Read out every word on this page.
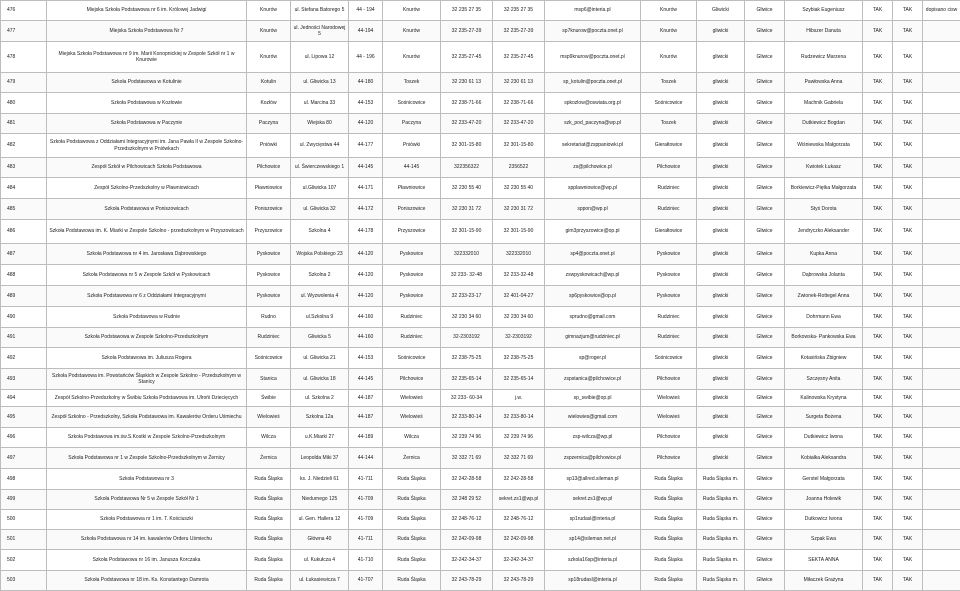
476	Miejska Szkoła Podstawowa nr 6 im. Królowej Jadwigi	Knurów	ul. Stefana Batorego 5	44 - 194	Knurów	32 235 27 35	32 235 27 35	msp6@interia.pl	Knurów	Gliwicki	Gliwice	Szybiak Eugeniusz	TAK	TAK	dopisano cisw
477	Miejska Szkoła Podstawowa Nr 7	Knurów	ul. Jedności Narodowej 5	44-194	Knurów	32 235-27-39	32 235-27-39	sp7knurow@poczta.onet.pl	Knurów	gliwicki	Gliwice	Hibszer Danuta	TAK	TAK	
478	Miejska Szkoła Podstawowa nr 9 im. Marii Konopnickiej w Zespole Szkół nr 1 w Knurowie	Knurów	ul. Lipowa 12	44 - 196	Knurów	32 235-27-45	32 235-27-45	msp9knurow@poczta.onet.pl	Knurów	gliwicki	Gliwice	Rudzewicz Marzena	TAK	TAK	
479	Szkoła Podstawowa w Kotulinie	Kotulin	ul. Gliwicka 13	44-180	Toszek	32 230 61 13	32 230 61 13	sp_kotulin@poczta.onet.pl	Toszek	gliwicki	Gliwice	Pawłowska Anna	TAK	TAK	
480	Szkoła Podstawowa w Kozłowie	Kozłów	ul. Marcina 33	44-153	Sośnicowice	32 238-71-66	32 238-71-66	spkozlow@oswiata.org.pl	Sośnicowice	gliwicki	Gliwice	Machnik Gabriela	TAK	TAK	
481	Szkoła Podstawowa w Paczynie	Paczyna	Wiejska 80	44-120	Paczyna	32 233-47-20	32 233-47-20	szk_pod_paczyna@wp.pl	Toszek	gliwicki	Gliwice	Dutkiewicz Bogdan	TAK	TAK	
482	Szkoła Podstawowa z Oddziałami Integracyjnymi im. Jana Pawła II w Zespole Szkolno-Przedszkolnym w Pniówkach	Pniówki	ul. Zwycięstwa 44	44-177	Pniówki	32 301-15-80	32 301-15-80	sekretariat@zsppaniowki.pl	Gierałtowice	gliwicki	Gliwice	Wiśniewska Małgorzata	TAK	TAK	
483	Zespół Szkół w Pilchowicach Szkoła Podstawowa	Pilchowice	ul. Świerczewskiego 1	44-145	44-145	322356322	2356522	zs@pilchowice.pl	Pilchowice	gliwicki	Gliwice	Kwiotek Łukasz	TAK	TAK	
484	Zespół Szkolno-Przedszkolny w Pławniowicach	Pławniowice	ul.Gliwicka 107	44-171	Pławniowice	32 230 55 40	32 230 55 40	spplawniowice@wp.pl	Rudziniec	gliwicki	Gliwice	Borkiewicz-Piętka Małgorzata	TAK	TAK	
485	Szkoła Podstawowa w Poniszowicach	Poniszowice	ul. Gliwicka 32	44-172	Poniszowice	32 230 31 72	32 230 31 72	sppon@wp.pl	Rudziniec	gliwicki	Gliwice	Styś Dorota	TAK	TAK	
486	Szkoła Podstawowa im. K. Miarki w Zespole Szkolno - przedszkolnym w Przyszowicach	Przyszowice	Szkolna 4	44-178	Przyszowice	32 301-15-90	32 301-15-90	gim3przyszowice@op.pl	Gierałtowice	gliwicki	Gliwice	Jendryczko Aleksander	TAK	TAK	
487	Szkoła Podstawowa nr 4 im. Jarosława Dąbrowskiego	Pyskowice	Wojska Polskiego 23	44-120	Pyskowice	322332010	322332010	sp4@poczta.onet.pl	Pyskowice	gliwicki	Gliwice	Kupka Anna	TAK	TAK	
488	Szkoła Podstawowa nr 5 w Zespole Szkół w Pyskowicach	Pyskowice	Szkolna 2	44-120	Pyskowice	32 233- 32-48	32 233-32-48	zswpyskowicach@wp.pl	Pyskowice	gliwicki	Gliwice	Dąbrowska Jolanta	TAK	TAK	
489	Szkoła Podstawowa nr 6 z Oddziałami Integracyjnymi	Pyskowice	ul. Wyzwolenia 4	44-120	Pyskowice	32 233-23-17	32 401-04-27	sp6pyskowice@op.pl	Pyskowice	gliwicki	Gliwice	Zwionek-Rottegel Anna	TAK	TAK	
490	Szkoła Podstawowa w Rudnie	Rudno	ul.Szkolna 9	44-160	Rudziniec	32 230 34 60	32 230 34 60	sprudno@gmail.com	Rudziniec	gliwicki	Gliwice	Dohrmann Ewa	TAK	TAK	
491	Szkoła Podstawowa w Zespole Szkolno-Przedszkolnym	Rudziniec	Gliwicka 5	44-160	Rudziniec	32-2303192	32-2303192	gimnazjum@rudziniec.pl	Rudziniec	gliwicki	Gliwice	Borkowska- Pankowska Ewa	TAK	TAK	
492	Szkoła Podstawowa im. Juliusza Rogera	Sośnicowice	ul. Gliwicka 21	44-153	Sośnicowice	32 238-75-25	32 238-75-25	sp@roger.pl	Sośnicowice	gliwicki	Gliwice	Kotasińska Zbigniew	TAK	TAK	
493	Szkoła Podstawowa im. Powstańców Śląskich w Zespole Szkolno - Przedszkolnym w Stanicy	Stanica	ul. Gliwicka 18	44-145	Pilchowice	32 235-65-14	32 235-65-14	zspstanica@pilchowice.pl	Pilchowice	gliwicki	Gliwice	Szczęsny Anita	TAK	TAK	
494	Zespół Szkolno-Przedszkolny w Świbiu Szkoła Podstawowa im. Ulrońi Dziecięcych	Świbie	ul. Szkolna 2	44-187	Wielowieś	32 233- 60-34	j.w.	sp_swibie@op.pl	Wielowieś	gliwicki	Gliwice	Kalinowska Krystyna	TAK	TAK	
495	Zespół Szkolno - Przedszkolny, Szkoła Podstawowa im. Kawalerów Orderu Uśmiechu	Wielowieś	Szkolna 12a	44-187	Wielowieś	32 233-80-14	32 233-80-14	wielowies@gmail.com	Wielowieś	gliwicki	Gliwice	Surgeta Bożena	TAK	TAK	
496	Szkoła Podstawowa im.św.S.Kostki w Zespole Szkolno-Przedszkolnym	Wilcza	u.K.Miarki 27	44-189	Wilcza	32 239 74 96	32 239 74 96	zsp-wilcza@wp.pl	Pilchowice	gliwicki	Gliwice	Dutkiewicz Iwona	TAK	TAK	
497	Szkoła Podstawowa nr 1 w Zespole Szkolno-Przedszkolnym w Żernicy	Żernica	Leopolda Miki 37	44-144	Żernica	32 332 71 69	32 332 71 69	zspzernica@pilchowice.pl	Pilchowice	gliwicki	Gliwice	Kobiałka Aleksandra	TAK	TAK	
498	Szkoła Podstawowa nr 3	Ruda Śląska	ks. J. Niedzieli 61	41-711	Ruda Śląska	32 242-28-58	32 242-28-58	sp13@allred.sileman.pl	Ruda Śląska	Ruda Śląska m.	Gliwice	Gerstel Małgorzata	TAK	TAK	
499	Szkoła Podstawowa Nr 5 w Zespole Szkół Nr 1	Ruda Śląska	Niedurnego 125	41-709	Ruda Śląska	32 248 29 52	sekret.zs1@wp.pl	sekret.zs1@wp.pl	Ruda Śląska	Ruda Śląska m.	Gliwice	Joanna Holewik	TAK	TAK	
500	Szkoła Podstawowa nr 1 im. T. Kościuszki	Ruda Śląska	ul. Gen. Hallera 12	41-709	Ruda Śląska	32 248-76-12	32 248-76-12	sp1rudasl@interia.pl	Ruda Śląska	Ruda Śląska m.	Gliwice	Dutkowicz Iwona	TAK	TAK	
501	Szkoła Podstawowa nr 14 im. kawalerów Orderu Uśmiechu	Ruda Śląska	Główna 40	41-711	Ruda Śląska	32 242-09-98	32 242-09-98	sp14@sileman.net.pl	Ruda Śląska	Ruda Śląska m.	Gliwice	Szpak Ewa	TAK	TAK	
502	Szkoła Podstawowa nr 16 im. Janusza Korczaka	Ruda Śląska	ul. Kukułcza 4	41-710	Ruda Śląska	32-242-34-37	32-242-34-37	szkola16sp@interia.pl	Ruda Śląska	Ruda Śląska m.	Gliwice	SEKTA ANNA	TAK	TAK	
503	Szkoła Podstawowa nr 18 im. Ks. Konstantego Damrota	Ruda Śląska	ul. Łukasiewicza 7	41-707	Ruda Śląska	32 243-78-29	32 243-78-29	sp18rudasl@interia.pl	Ruda Śląska	Ruda Śląska m.	Gliwice	Miłaczek Grażyna	TAK	TAK	
